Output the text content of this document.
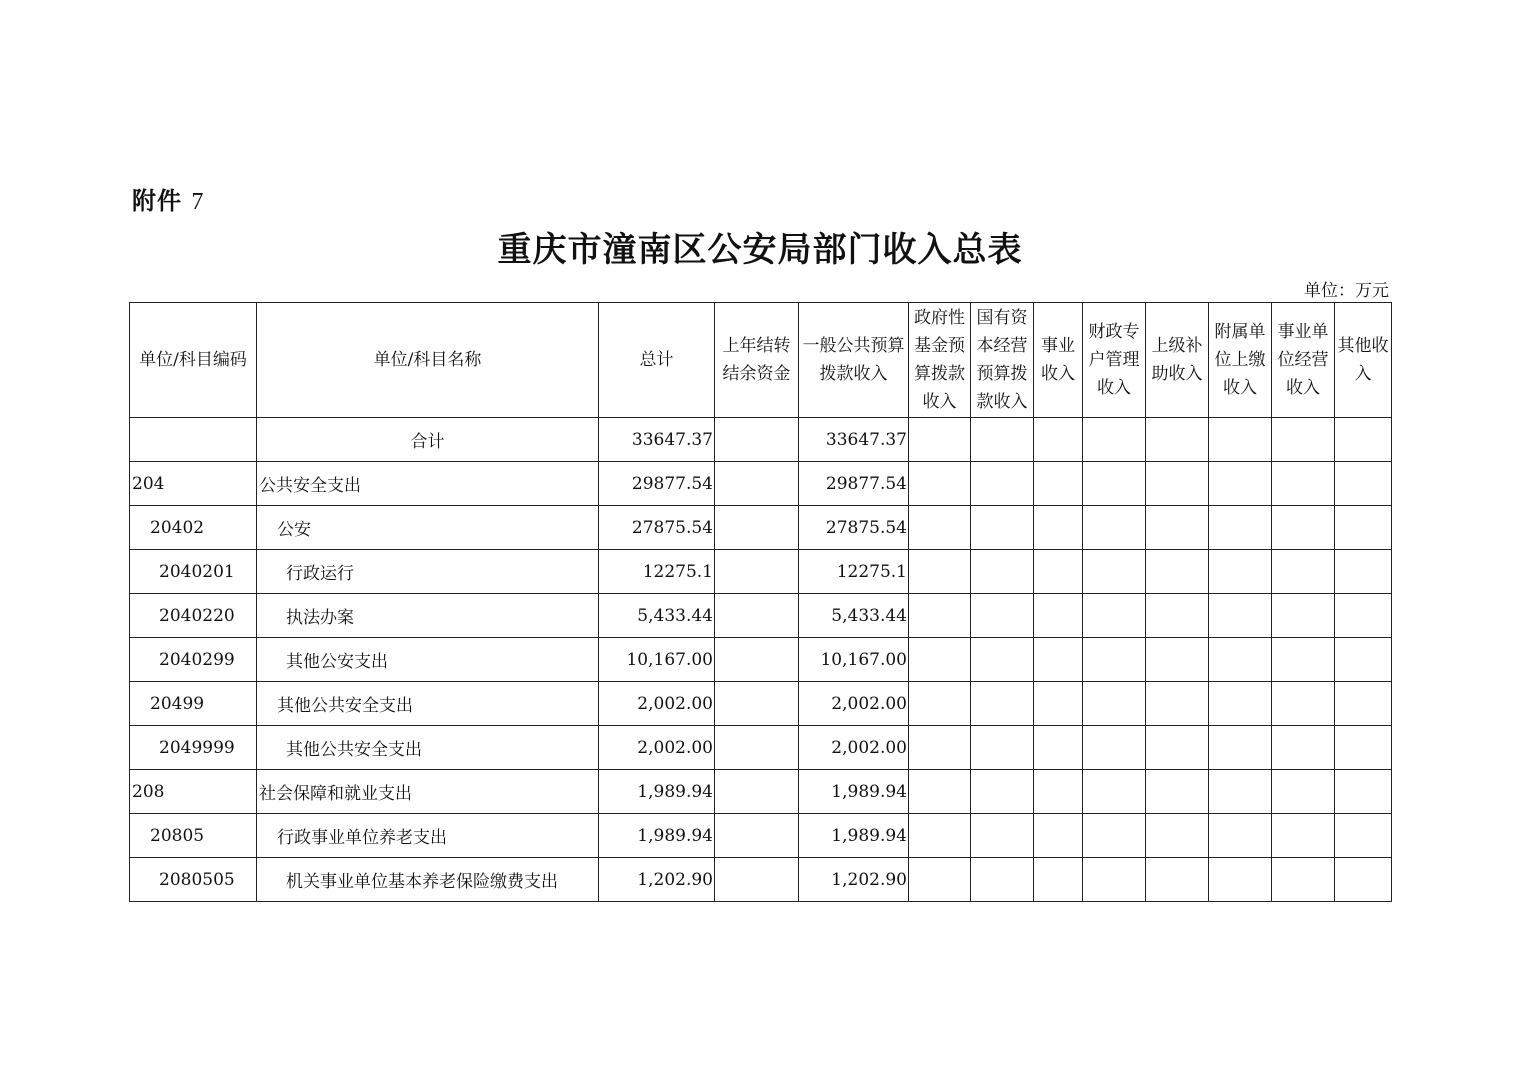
附件 7
重庆市潼南区公安局部门收入总表
单位：万元
单位/科目编码	单位/科目名称	总计	上年结转结余资金	一般公共预算拨款收入	政府性基金预算拨款收入	国有资本经营预算拨款收入	事业收入	财政专户管理收入	上级补助收入	附属单位上缴收入	事业单位经营收入	其他收入
	合计	33647.37		33647.37								
204	公共安全支出	29877.54		29877.54								
20402	公安	27875.54		27875.54								
2040201	行政运行	12275.1		12275.1								
2040220	执法办案	5,433.44		5,433.44								
2040299	其他公安支出	10,167.00		10,167.00								
20499	其他公共安全支出	2,002.00		2,002.00								
2049999	其他公共安全支出	2,002.00		2,002.00								
208	社会保障和就业支出	1,989.94		1,989.94								
20805	行政事业单位养老支出	1,989.94		1,989.94								
2080505	机关事业单位基本养老保险缴费支出	1,202.90		1,202.90								
